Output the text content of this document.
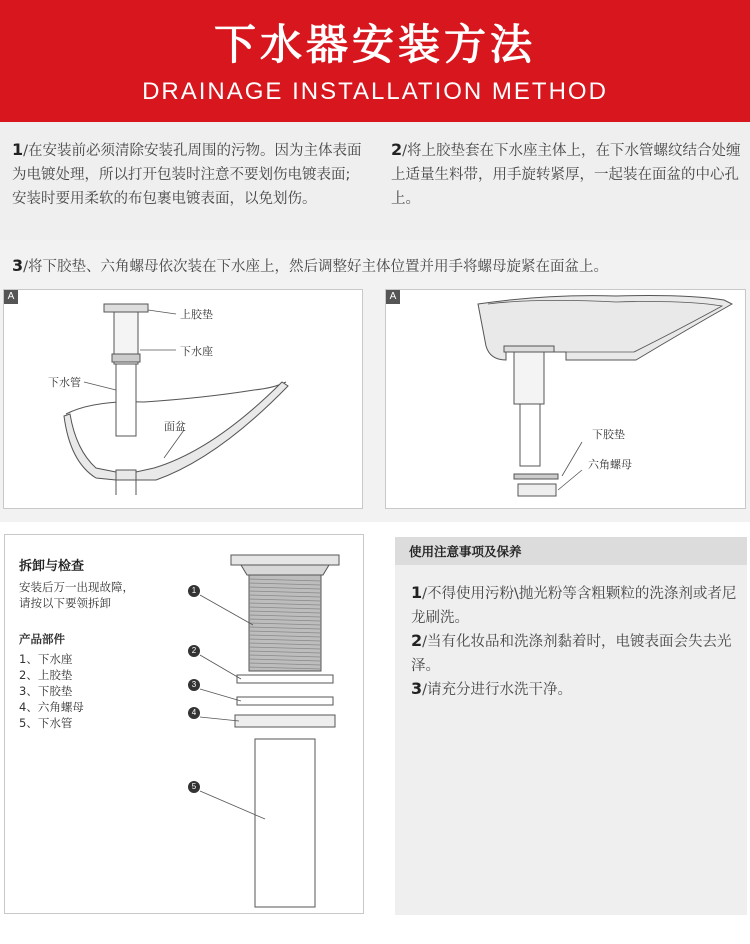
下水器安装方法
DRAINAGE INSTALLATION METHOD
1/在安装前必须清除安装孔周围的污物。因为主体表面为电镀处理，所以打开包装时注意不要划伤电镀表面;安装时要用柔软的布包裹电镀表面，以免划伤。
2/将上胶垫套在下水座主体上，在下水管螺纹结合处缠上适量生料带，用手旋转紧厚，一起装在面盆的中心孔上。
3/将下胶垫、六角螺母依次装在下水座上，然后调整好主体位置并用手将螺母旋紧在面盆上。
A
上胶垫
下水座
下水管
面盆
A
下胶垫
六角螺母
拆卸与检查
安装后万一出现故障，
请按以下要领拆卸
产品部件
1、下水座
2、上胶垫
3、下胶垫
4、六角螺母
5、下水管
1
2
3
4
5
使用注意事项及保养
1/不得使用污粉\抛光粉等含粗颗粒的洗涤剂或者尼龙刷洗。
2/当有化妆品和洗涤剂黏着时，电镀表面会失去光泽。
3/请充分进行水洗干净。
